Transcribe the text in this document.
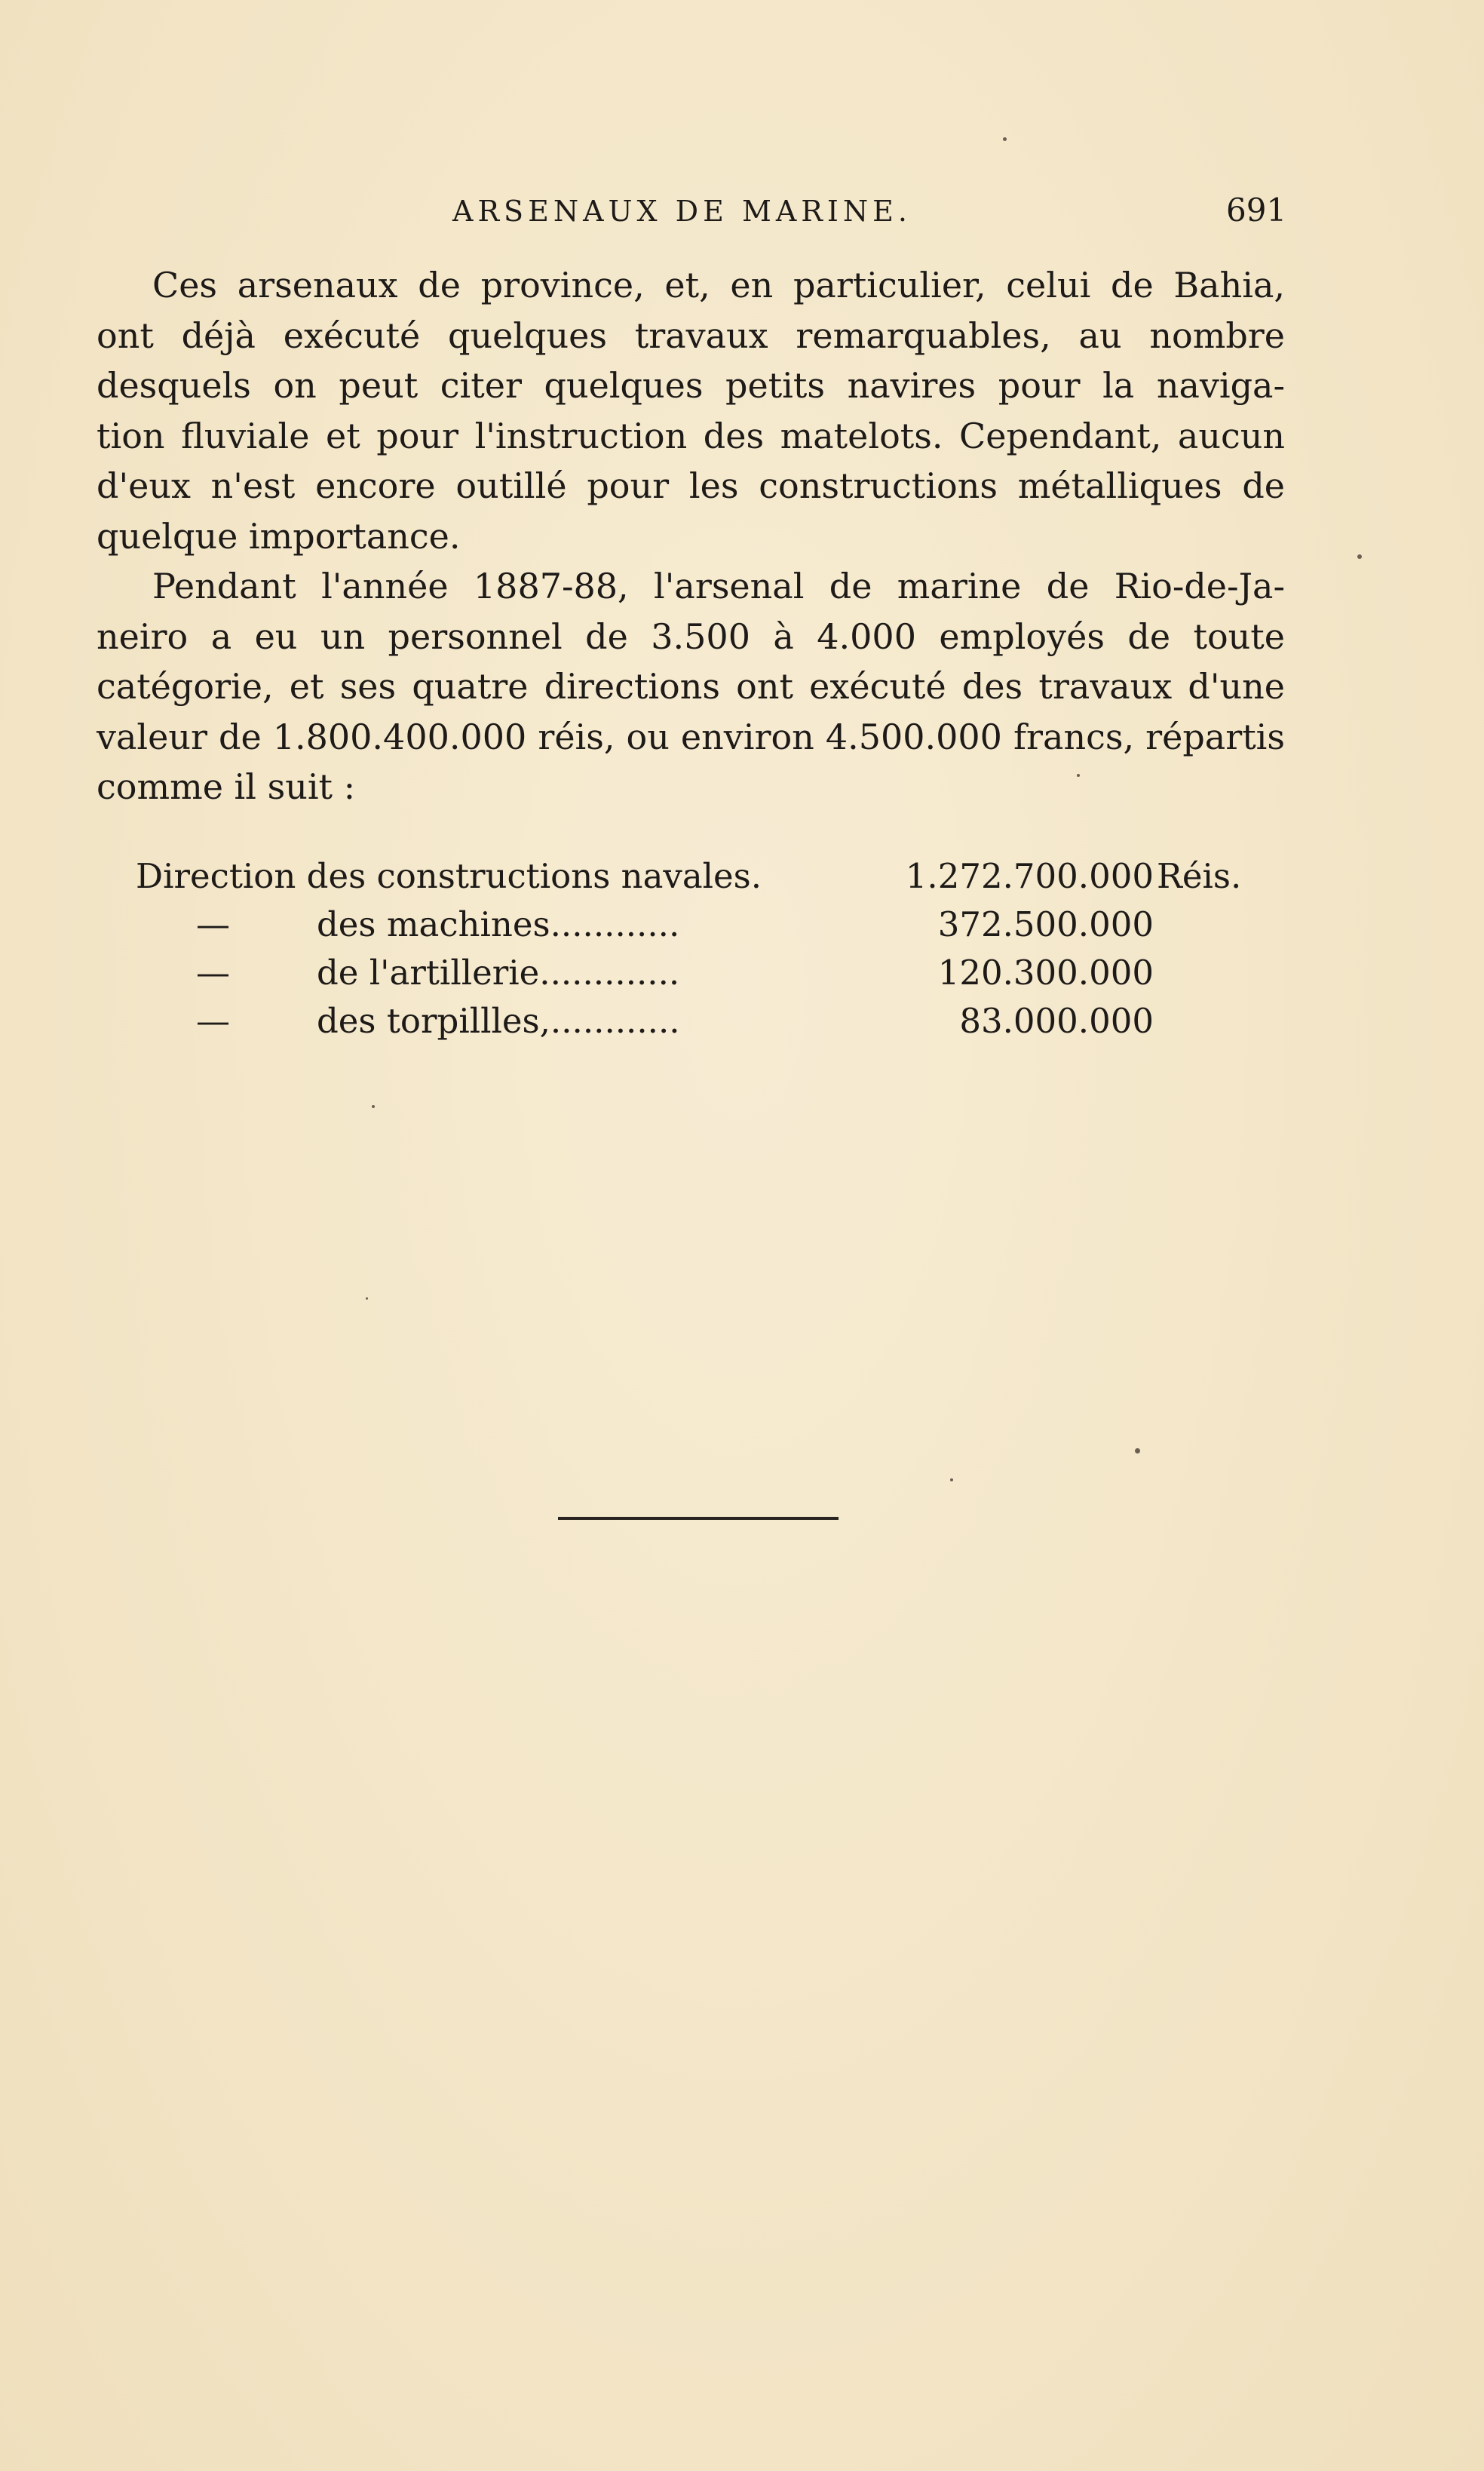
ARSENAUX DE MARINE.	691
Ces arsenaux de province, et, en particulier, celui de Bahia,
ont déjà exécuté quelques travaux remarquables, au nombre
desquels on peut citer quelques petits navires pour la naviga-
tion fluviale et pour l'instruction des matelots. Cependant, aucun
d'eux n'est encore outillé pour les constructions métalliques de
quelque importance.
Pendant l'année 1887-88, l'arsenal de marine de Rio-de-Ja-
neiro a eu un personnel de 3.500 à 4.000 employés de toute
catégorie, et ses quatre directions ont exécuté des travaux d'une
valeur de 1.800.400.000 réis, ou environ 4.500.000 francs, répartis
comme il suit :
Direction des constructions navales.	1.272.700.000Réis.
—	des machines............	372.500.000
—	de l'artillerie.............	120.300.000
—	des torpillles,............	83.000.000
